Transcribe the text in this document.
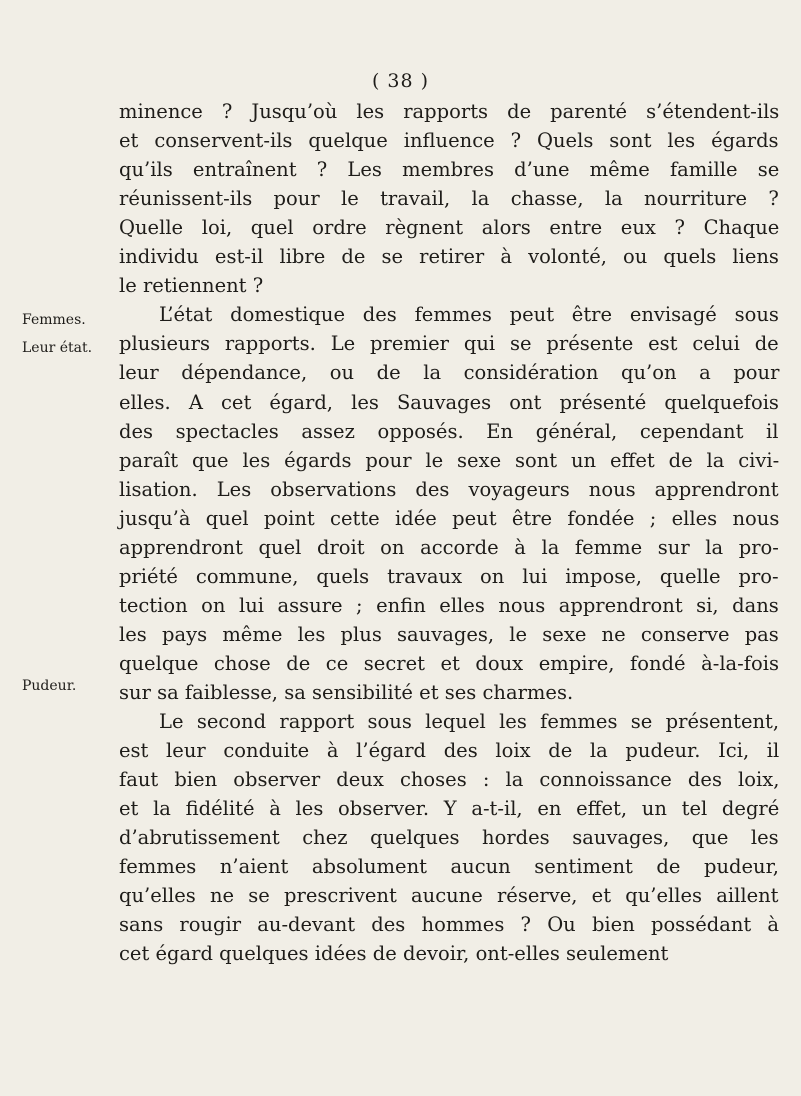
( 38 )
Femmes.
Leur état.
Pudeur.
minence ? Jusqu’où les rapports de parenté s’étendent-ils
et conservent-ils quelque influence ? Quels sont les égards
qu’ils entraînent ? Les membres d’une même famille se
réunissent-ils pour le travail, la chasse, la nourriture ?
Quelle loi, quel ordre règnent alors entre eux ? Chaque
individu est-il libre de se retirer à volonté, ou quels liens
le retiennent ?
L’état domestique des femmes peut être envisagé sous
plusieurs rapports. Le premier qui se présente est celui de
leur dépendance, ou de la considération qu’on a pour
elles. A cet égard, les Sauvages ont présenté quelquefois
des spectacles assez opposés. En général, cependant il
paraît que les égards pour le sexe sont un effet de la civi-
lisation. Les observations des voyageurs nous apprendront
jusqu’à quel point cette idée peut être fondée ; elles nous
apprendront quel droit on accorde à la femme sur la pro-
priété commune, quels travaux on lui impose, quelle pro-
tection on lui assure ; enfin elles nous apprendront si, dans
les pays même les plus sauvages, le sexe ne conserve pas
quelque chose de ce secret et doux empire, fondé à-la-fois
sur sa faiblesse, sa sensibilité et ses charmes.
Le second rapport sous lequel les femmes se présentent,
est leur conduite à l’égard des loix de la pudeur. Ici, il
faut bien observer deux choses : la connoissance des loix,
et la fidélité à les observer. Y a-t-il, en effet, un tel degré
d’abrutissement chez quelques hordes sauvages, que les
femmes n’aient absolument aucun sentiment de pudeur,
qu’elles ne se prescrivent aucune réserve, et qu’elles aillent
sans rougir au-devant des hommes ? Ou bien possédant à
cet égard quelques idées de devoir, ont-elles seulement
